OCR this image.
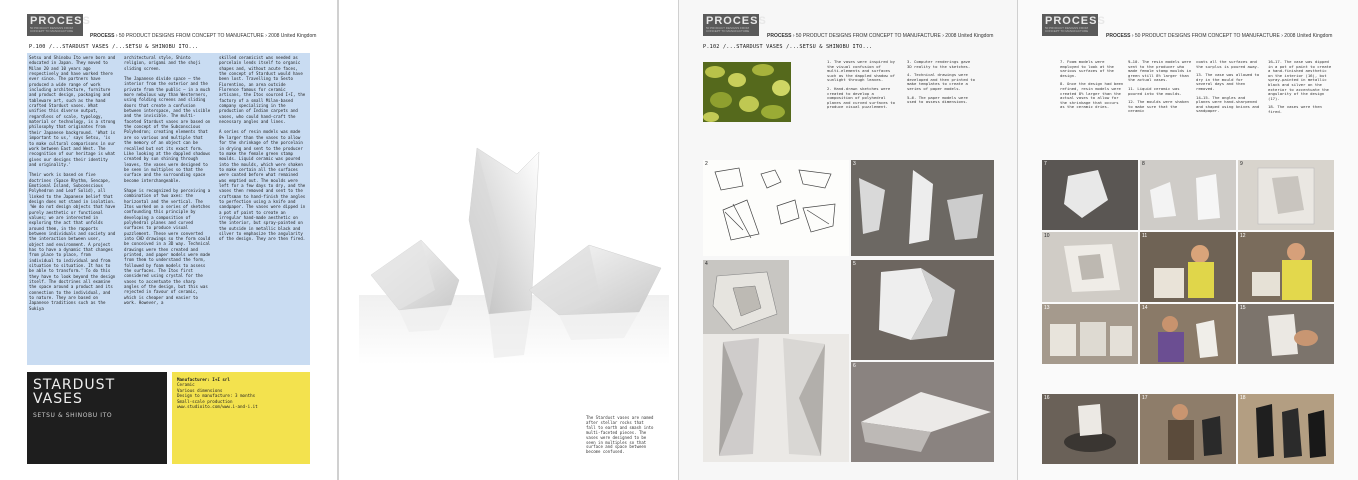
PROCESS
50 PRODUCT DESIGNS FROM CONCEPT TO MANUFACTURE
PROCESS › 50 PRODUCT DESIGNS FROM CONCEPT TO MANUFACTURE › 2008 United Kingdom
P.100 /...STARDUST VASES /...SETSU & SHINOBU ITO...

Setsu and Shinobu Ito were born and educated in Japan. They moved to Milan 20 and 10 years ago respectively and have worked there ever since. The partners have produced a wide range of work including architecture, furniture and product design, packaging and tableware art, such as the hand crafted Stardust vases. What unifies this diverse output, regardless of scale, typology, material or technology, is a strong philosophy that originates from their Japanese background. 'What is important to us,' says Setsu, 'is to make cultural comparisons in our work between East and West. The recognition of our heritage is what gives our designs their identity and originality.'

Their work is based on five doctrines (Space Rhythm, Sencape, Emotional Island, Subconscious Polyhedron and Leaf Solid), all linked to the Japanese belief that design does not stand in isolation. 'We do not design objects that have purely aesthetic or functional values; we are interested in exploring the act that unfolds around them, in the rapports between individuals and society and the interaction between user, object and environment. A project has to have a dynamic that changes from place to place, from individual to individual and from situation to situation. It has to be able to transform.' To do this they have to look beyond the design itself. The doctrines all examine the space around a product and its connection to the individual, and to nature. They are based on Japanese traditions such as the Sukiya

architectural style, Shinto religion, origami and the shoji sliding screen.

The Japanese divide space – the interior from the exterior and the private from the public – in a much more nebulous way than Westerners, using folding screens and sliding doors that create a confusion between interspace, and the visible and the invisible. The multi-faceted Stardust vases are based on the concept of the Subconscious Polyhedron; creating elements that are so various and multiple that the memory of an object can be recalled but not its exact form. Like looking at the dappled shadows created by sun shining through leaves, the vases were designed to be seen in multiples so that the surface and the surrounding space become interchangeable.

Shape is recognized by perceiving a combination of two axes: the horizontal and the vertical. The Itos worked on a series of sketches confounding this principle by developing a composition of polyhedral planes and curved surfaces to produce visual puzzlement. These were converted into CAD drawings so the form could be conceived in a 3D way. Technical drawings were then created and printed, and paper models were made from them to understand the form, followed by foam models to assess the surfaces. The Itos first considered using crystal for the vases to accentuate the sharp angles of the design, but this was rejected in favour of ceramic, which is cheaper and easier to work. However, a

skilled ceramicist was needed as porcelain lends itself to organic shapes and, without acute faces, the concept of Stardust would have been lost. Travelling to Sesto Fiorentino, an area outside Florence famous for ceramic artisans, the Itos sourced I+I, the factory of a small Milan-based company specializing in the production of Indian carpets and vases, who could hand-craft the necessary angles and lines.

A series of resin models was made 8% larger than the vases to allow for the shrinkage of the porcelain in drying and sent to the producer to make the female green stamp moulds. Liquid ceramic was poured into the moulds, which were shaken to make certain all the surfaces were coated before what remained was emptied out. The moulds were left for a few days to dry, and the vases then removed and sent to the craftsman to hand-finish the angles to perfection using a knife and sandpaper. The vases were dipped in a pot of paint to create an irregular hand-made aesthetic on the interior, but spray-painted on the outside in metallic black and silver to emphasize the angularity of the design. They are then fired.

STARDUST
VASES
SETSU & SHINOBU ITO
Manufacturer: I+I srl
Ceramic
Various dimensions
Design to manufacture: 3 months
Small-scale production
www.studioito.com/www.i-and-i.it
The Stardust vases are named after stellar rocks that fall to earth and smash into multi-faceted pieces. The vases were designed to be seen in multiples so that surface and space between become confused.
PROCESS
50 PRODUCT DESIGNS FROM CONCEPT TO MANUFACTURE
PROCESS › 50 PRODUCT DESIGNS FROM CONCEPT TO MANUFACTURE › 2008 United Kingdom
P.102 /...STARDUST VASES /...SETSU & SHINOBU ITO...

1. The vases were inspired by the visual confusion of multi-elements and surfaces such as the dappled shadow of sunlight through leaves.

2. Hand-drawn sketches were created to develop a composition of polyhedral planes and curved surfaces to produce visual puzzlement.

3. Computer renderings gave 3D reality to the sketches.

4. Technical drawings were developed and then printed to make templates to create a series of paper models.

5–6. The paper models were used to assess dimensions.

2	3
4	5
6
PROCESS
50 PRODUCT DESIGNS FROM CONCEPT TO MANUFACTURE
PROCESS › 50 PRODUCT DESIGNS FROM CONCEPT TO MANUFACTURE › 2008 United Kingdom

7. Foam models were employed to look at the various surfaces of the design.

8. Once the design had been refined, resin models were created 8% larger than the actual vases to allow for the shrinkage that occurs as the ceramic dries.

9–10. The resin models were sent to the producer who made female stamp moulds in green still 8% larger than the actual vases.

11. Liquid ceramic was poured into the moulds.

12. The moulds were shaken to make sure that the ceramic

coats all the surfaces and the surplus is poured away.

13. The vase was allowed to dry in the mould for several days and then removed.

14–15. The angles and planes were hand-sharpened and shaped using knives and sandpaper.

16–17. The vase was dipped in a pot of paint to create a hand-finished aesthetic on the interior (16), but spray-painted in metallic black and silver on the exterior to accentuate the angularity of the design (17).

18. The vases were then fired.

7	8	9
10	11	12
13	14	15
16	17	18
